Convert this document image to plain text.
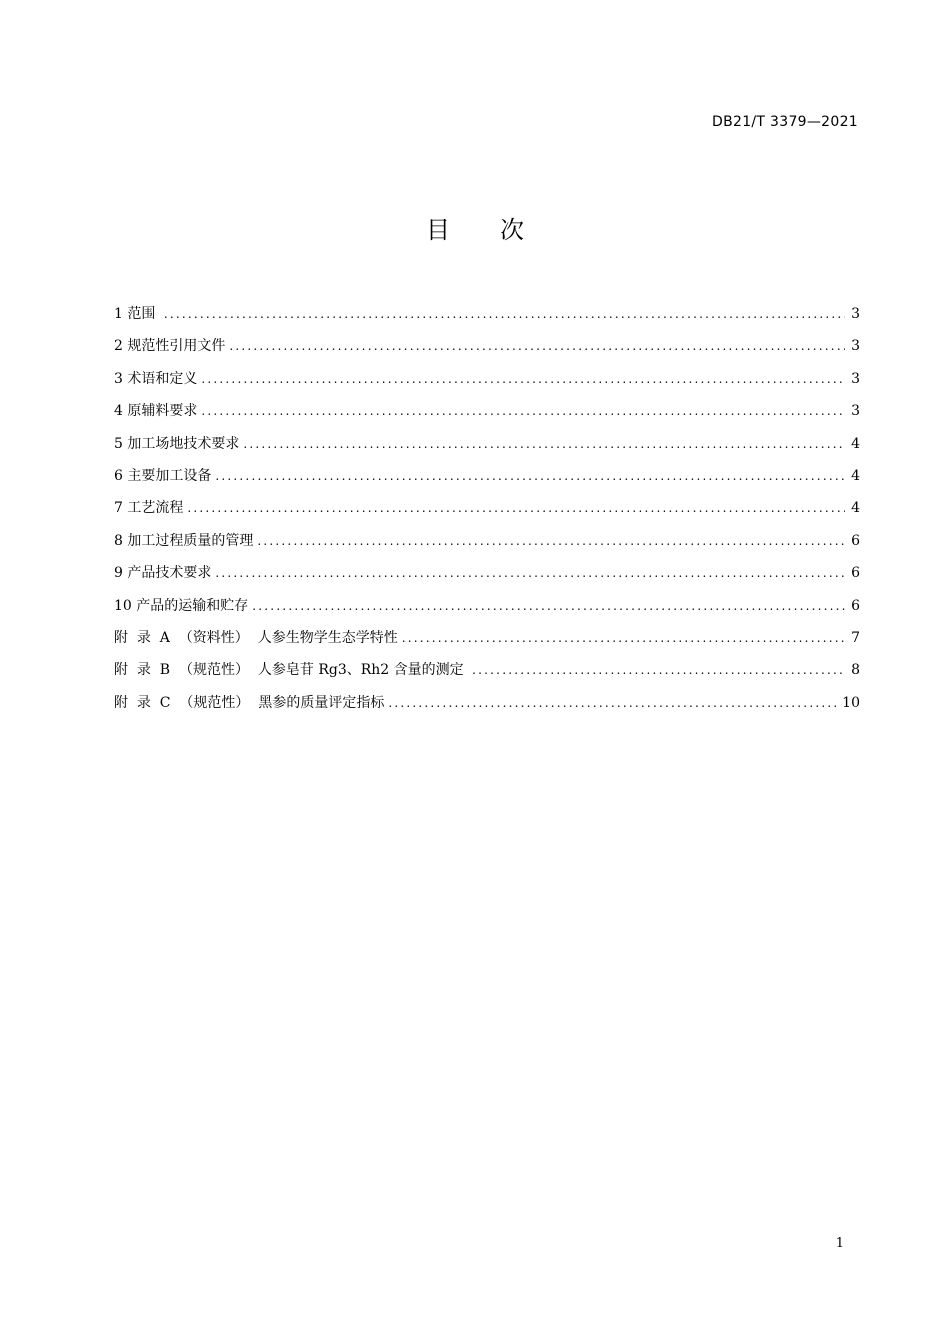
DB21/T 3379—2021
目 次
1 范围 .....	3
2 规范性引用文件 .....	3
3 术语和定义 .....	3
4 原辅料要求 .....	3
5 加工场地技术要求 .....	4
6 主要加工设备 .....	4
7 工艺流程 .....	4
8 加工过程质量的管理 .....	6
9 产品技术要求 .....	6
10 产品的运输和贮存 .....	6
附  录  A  （资料性）  人参生物学生态学特性 .....	7
附  录  B  （规范性）  人参皂苷 Rg3、Rh2 含量的测定 .....	8
附  录  C  （规范性）  黑参的质量评定指标 .....	10
1
